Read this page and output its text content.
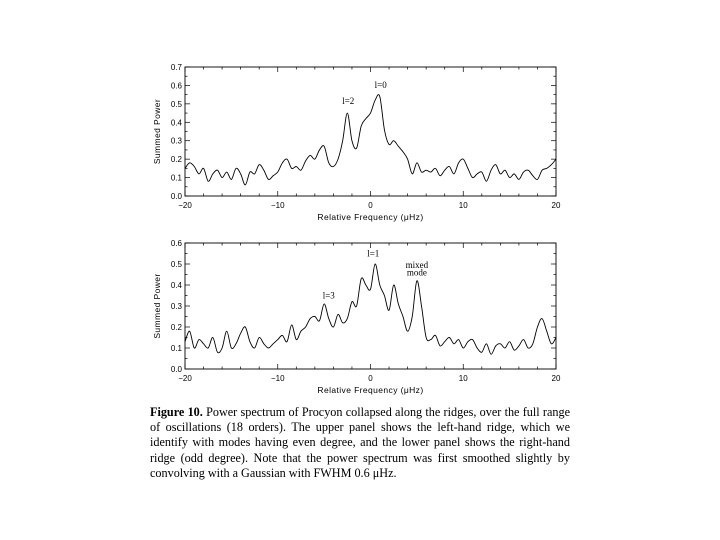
−20	−10	0	10	20
0.0
0.1
0.2
0.3
0.4
0.5
0.6
0.7
Relative Frequency (μHz)
Summed Power	l=2
l=0
−20	−10	0	10	20
0.0
0.1
0.2
0.3
0.4
0.5
0.6
Relative Frequency (μHz)
Summed Power
l=1
mixed
mode
l=3
Figure 10. Power spectrum of Procyon collapsed along the ridges, over the full range of oscillations (18 orders). The upper panel shows the left-hand ridge, which we identify with modes having even degree, and the lower panel shows the right-hand ridge (odd degree). Note that the power spectrum was first smoothed slightly by convolving with a Gaussian with FWHM 0.6 μHz.
